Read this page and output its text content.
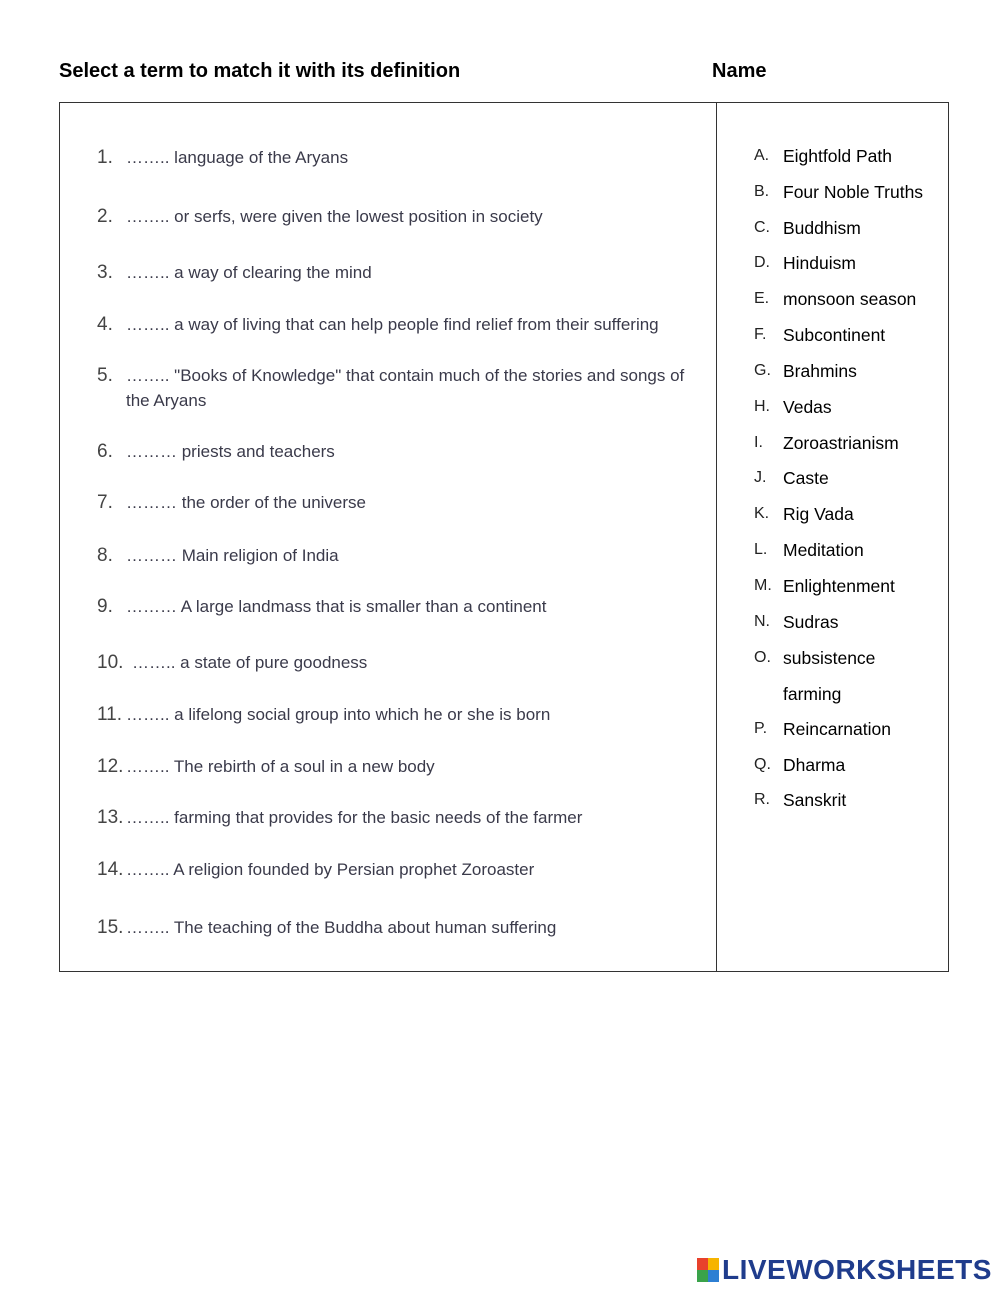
Select a term to match it with its definition	Name
1. …….. language of the Aryans
2. …….. or serfs, were given the lowest position in society
3. …….. a way of clearing the mind
4. …….. a way of living that can help people find relief from their suffering
5. …….. "Books of Knowledge" that contain much of the stories and songs of the Aryans
6. ……… priests and teachers
7. ……… the order of the universe
8. ……… Main religion of India
9. ……… A large landmass that is smaller than a continent
10. …….. a state of pure goodness
11. …….. a lifelong social group into which he or she is born
12. …….. The rebirth of a soul in a new body
13. …….. farming that provides for the basic needs of the farmer
14. …….. A religion founded by Persian prophet Zoroaster
15. …….. The teaching of the Buddha about human suffering
A. Eightfold Path
B. Four Noble Truths
C. Buddhism
D. Hinduism
E. monsoon season
F. Subcontinent
G. Brahmins
H. Vedas
I.	Zoroastrianism
J. Caste
K. Rig Vada
L. Meditation
M. Enlightenment
N. Sudras
O. subsistence farming
P. Reincarnation
Q. Dharma
R. Sanskrit
LIVEWORKSHEETS
